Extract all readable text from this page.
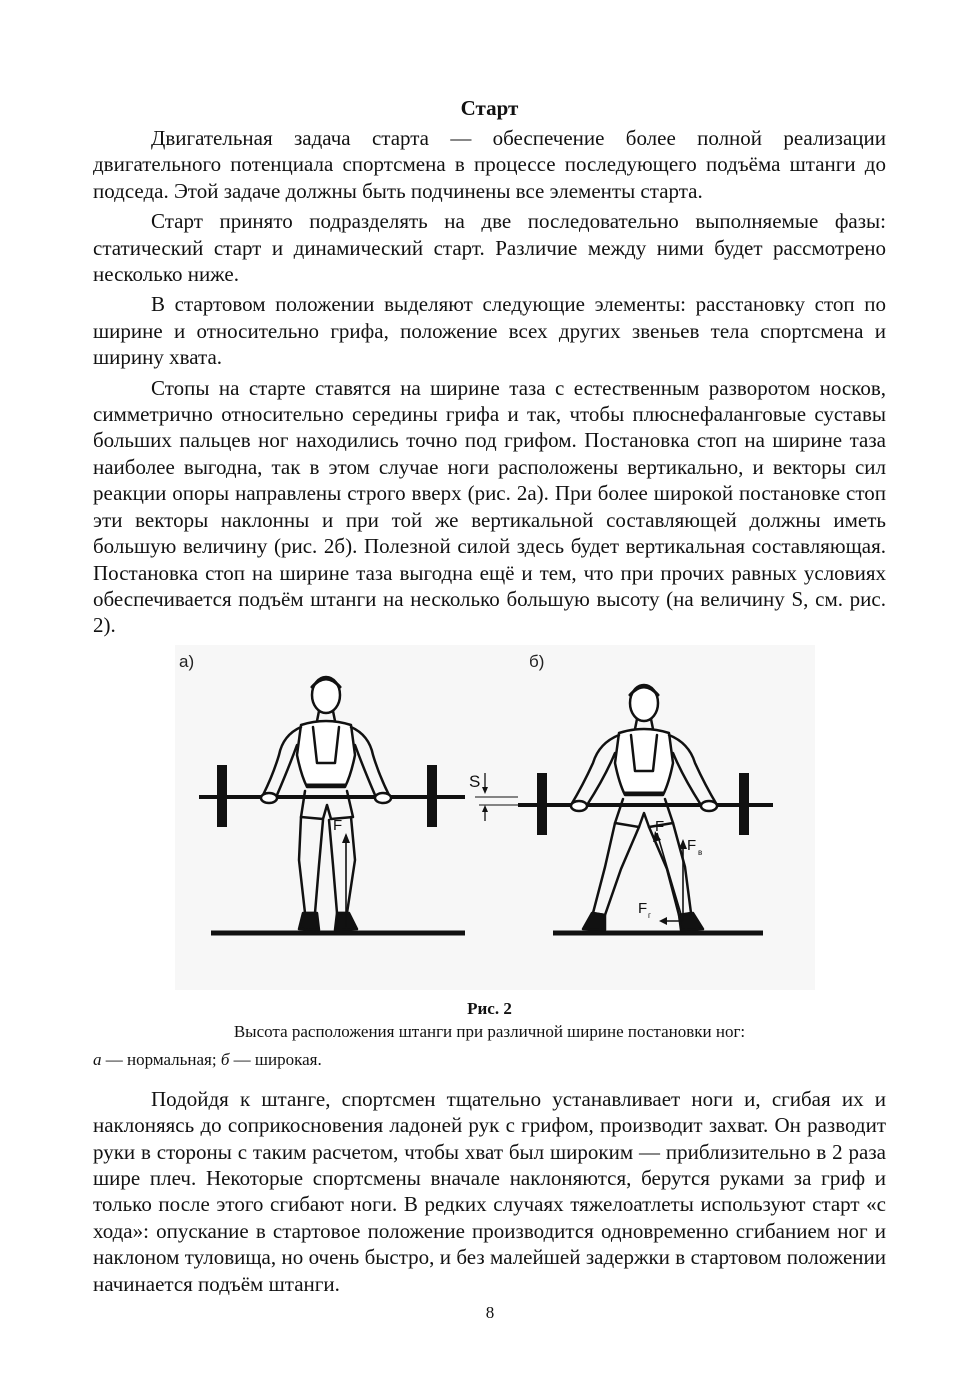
Старт

Двигательная задача старта — обеспечение более полной реализации двигательного потенциала спортсмена в процессе последующего подъёма штанги до подседа. Этой задаче должны быть подчинены все элементы старта.

Старт принято подразделять на две последовательно выполняемые фазы: статический старт и динамический старт. Различие между ними будет рассмотрено несколько ниже.

В стартовом положении выделяют следующие элементы: расстановку стоп по ширине и относительно грифа, положение всех других звеньев тела спортсмена и ширину хвата.

Стопы на старте ставятся на ширине таза с естественным разворотом носков, симметрично относительно середины грифа и так, чтобы плюснефаланговые суставы больших пальцев ног находились точно под грифом. Постановка стоп на ширине таза наиболее выгодна, так в этом случае ноги расположены вертикально, и векторы сил реакции опоры направлены строго вверх (рис. 2а). При более широкой постановке стоп эти векторы наклонны и при той же вертикальной составляющей должны иметь большую величину (рис. 2б). Полезной силой здесь будет вертикальная составляющая. Постановка стоп на ширине таза выгодна ещё и тем, что при прочих равных условиях обеспечивается подъём штанги на несколько большую высоту (на величину S, см. рис. 2).

а)
F
S
б)
F
F в
F г

Рис. 2

Высота расположения штанги при различной ширине постановки ног:

а — нормальная; б — широкая.

Подойдя к штанге, спортсмен тщательно устанавливает ноги и, сгибая их и наклоняясь до соприкосновения ладоней рук с грифом, производит захват. Он разводит руки в стороны с таким расчетом, чтобы хват был широким — приблизительно в 2 раза шире плеч. Некоторые спортсмены вначале наклоняются, берутся руками за гриф и только после этого сгибают ноги. В редких случаях тяжелоатлеты используют старт «с хода»: опускание в стартовое положение производится одновременно сгибанием ног и наклоном туловища, но очень быстро, и без малейшей задержки в стартовом положении начинается подъём штанги.

8
